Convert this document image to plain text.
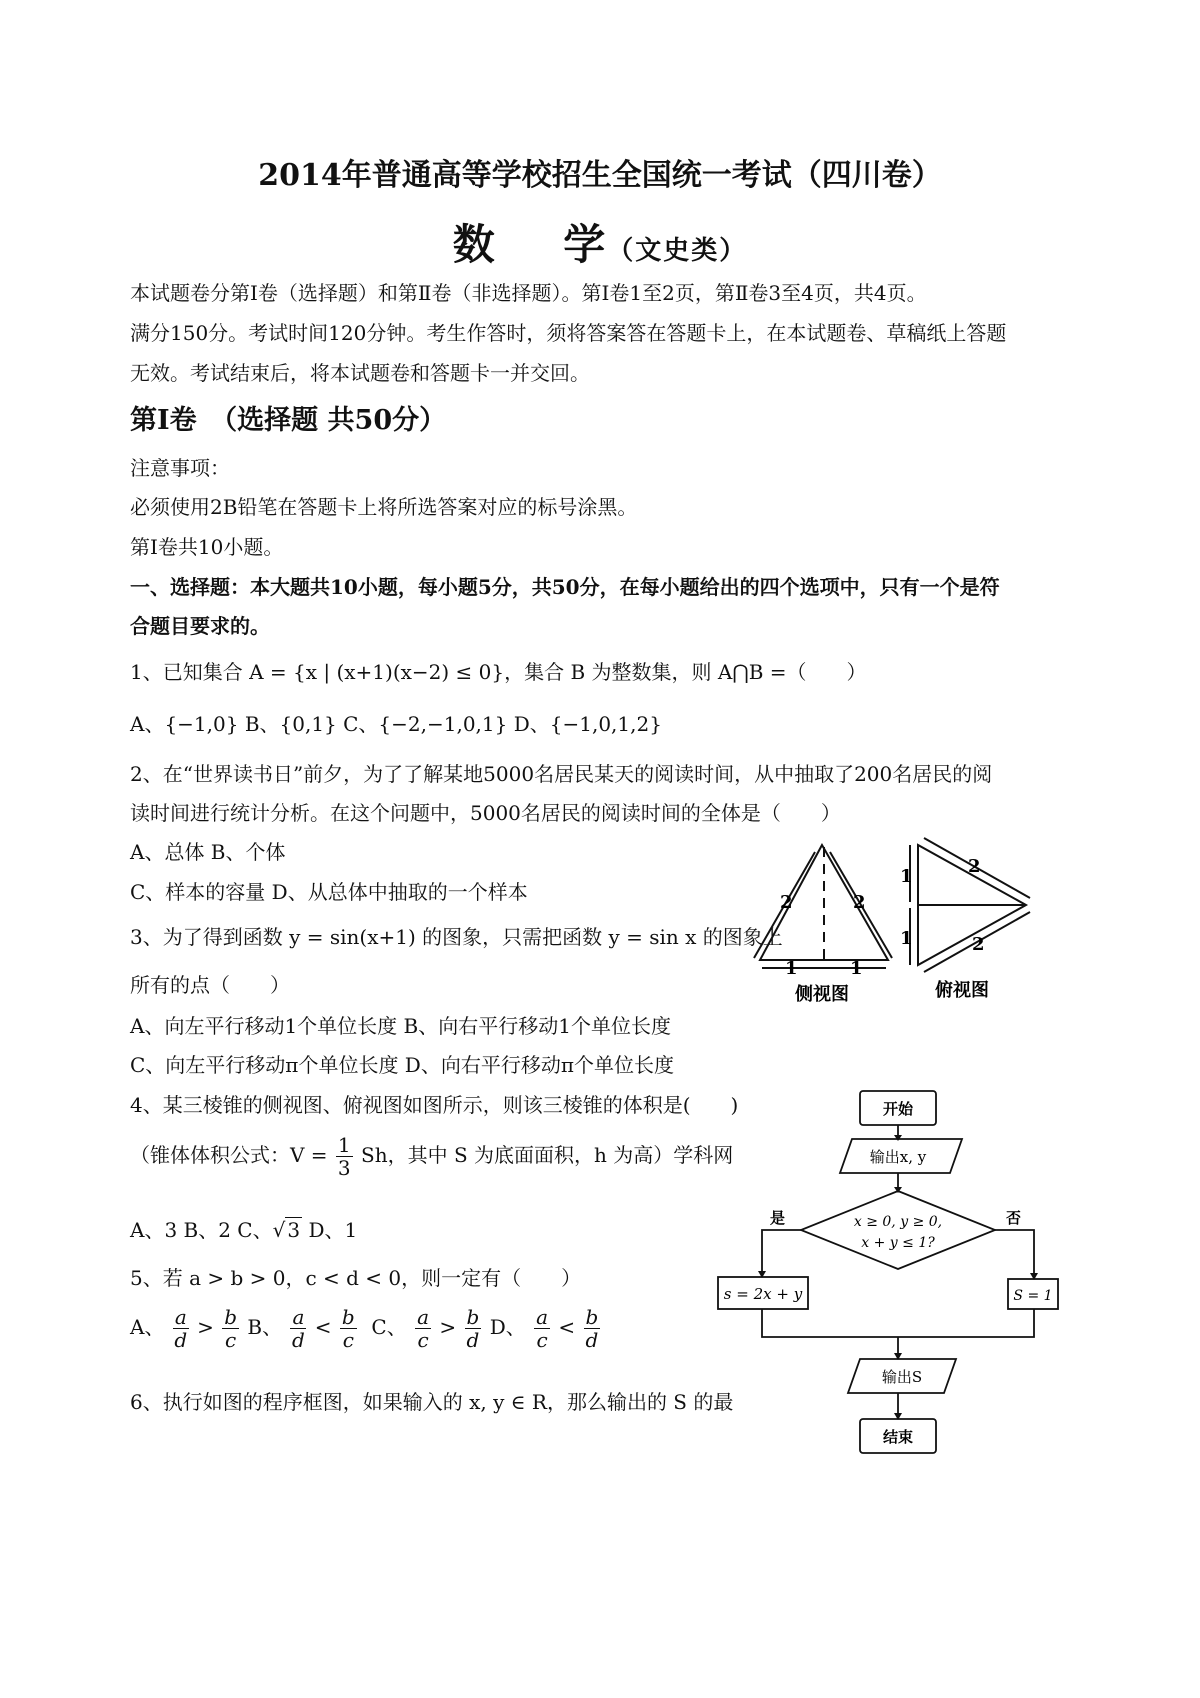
2014年普通高等学校招生全国统一考试（四川卷）
数    学（文史类）
本试题卷分第Ⅰ卷（选择题）和第Ⅱ卷（非选择题）。第Ⅰ卷1至2页，第Ⅱ卷3至4页，共4页。
满分150分。考试时间120分钟。考生作答时，须将答案答在答题卡上，在本试题卷、草稿纸上答题
无效。考试结束后，将本试题卷和答题卡一并交回。
第Ⅰ卷　（选择题 共50分）
注意事项：
必须使用2B铅笔在答题卡上将所选答案对应的标号涂黑。
第Ⅰ卷共10小题。
一、选择题：本大题共10小题，每小题5分，共50分，在每小题给出的四个选项中，只有一个是符
合题目要求的。
1、已知集合 A = {x | (x+1)(x−2) ≤ 0}，集合 B 为整数集，则 A⋂B =（　　）
A、{−1,0} B、{0,1} C、{−2,−1,0,1} D、{−1,0,1,2}
2、在“世界读书日”前夕，为了了解某地5000名居民某天的阅读时间，从中抽取了200名居民的阅
读时间进行统计分析。在这个问题中，5000名居民的阅读时间的全体是（　　）
A、总体 B、个体
C、样本的容量 D、从总体中抽取的一个样本
3、为了得到函数 y = sin(x+1) 的图象，只需把函数 y = sin x 的图象上
所有的点（　　）
A、向左平行移动1个单位长度 B、向右平行移动1个单位长度
C、向左平行移动π个单位长度 D、向右平行移动π个单位长度
4、某三棱锥的侧视图、俯视图如图所示，则该三棱锥的体积是(　　)
（锥体体积公式：$V = \frac{1}{3}$ Sh，其中 S 为底面面积，h 为高）学科网
A、3 B、2 C、√ 3 D、1
5、若 a > b > 0，c < d < 0，则一定有（　　）
A、 $\frac{a}{d} > \frac{b}{c}$ B、 $\frac{a}{d} < \frac{b}{c}$ C、 $\frac{a}{c} > \frac{b}{d}$ D、 $\frac{a}{c} < \frac{b}{d}$
6、执行如图的程序框图，如果输入的 x, y ∈ R，那么输出的 S 的最
2	2
1	1
侧视图
1
1
2
2
俯视图
开始
输出x, y
x ≥ 0, y ≥ 0,
x + y ≤ 1?
是	否
s = 2x + y	S = 1
输出S
结束
